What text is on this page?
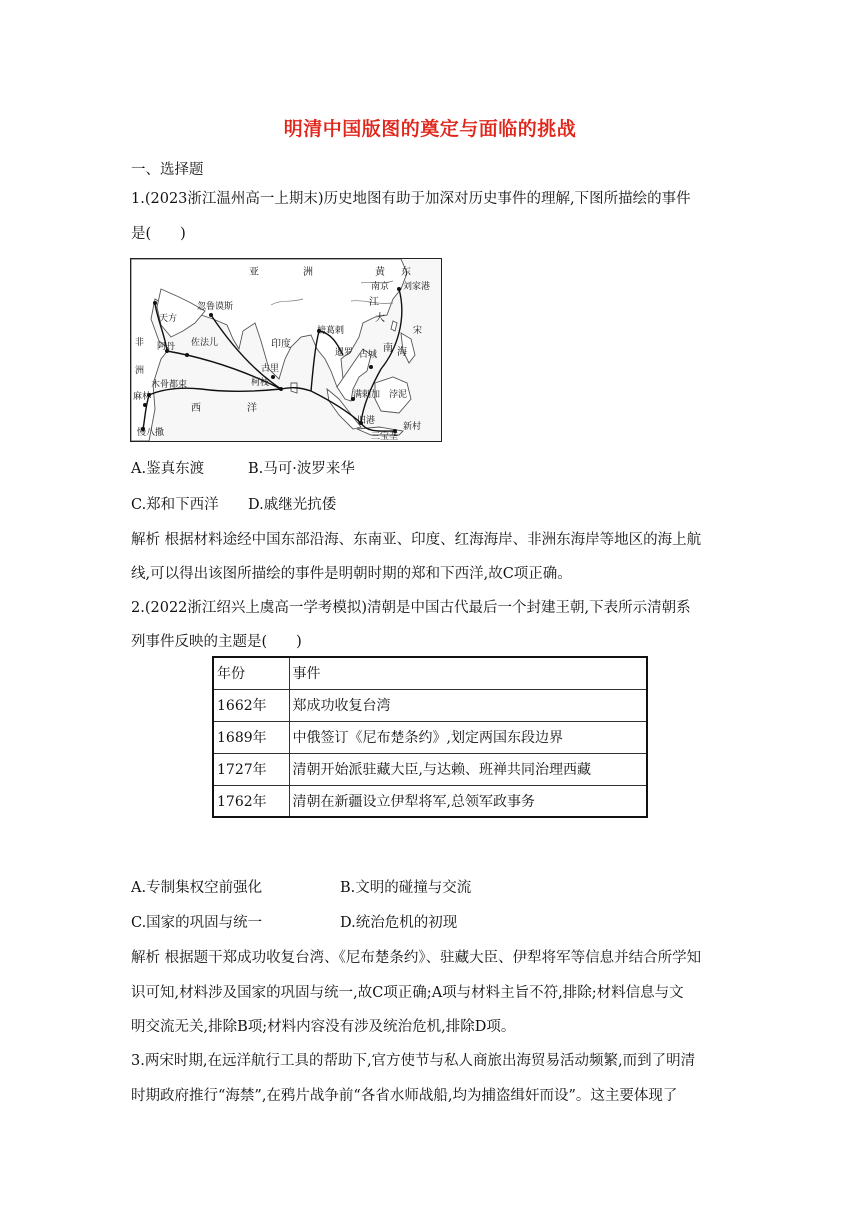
明清中国版图的奠定与面临的挑战
一、选择题
1.(2023浙江温州高一上期末)历史地图有助于加深对历史事件的理解,下图所描绘的事件
是(　　)
亚	洲	黄 东
刘家港
南京
江
大
忽鲁谟斯
天方
阿丹 佐法儿
非
洲
榜葛剌
印度
古里
柯枝
暹罗 占城
南 海
木骨都束
麻林
慢八撒
西	洋
满剌加
旧港
三宝垄
新村
浡泥
宋
A.鉴真东渡	B.马可·波罗来华
C.郑和下西洋 D.戚继光抗倭
解析 根据材料途经中国东部沿海、东南亚、印度、红海海岸、非洲东海岸等地区的海上航
线,可以得出该图所描绘的事件是明朝时期的郑和下西洋,故C项正确。
2.(2022浙江绍兴上虞高一学考模拟)清朝是中国古代最后一个封建王朝,下表所示清朝系
列事件反映的主题是(　　)
年份	事件
1662年	郑成功收复台湾
1689年	中俄签订《尼布楚条约》,划定两国东段边界
1727年	清朝开始派驻藏大臣,与达赖、班禅共同治理西藏
1762年	清朝在新疆设立伊犁将军,总领军政事务
A.专制集权空前强化	B.文明的碰撞与交流
C.国家的巩固与统一	D.统治危机的初现
解析 根据题干郑成功收复台湾、《尼布楚条约》、驻藏大臣、伊犁将军等信息并结合所学知
识可知,材料涉及国家的巩固与统一,故C项正确;A项与材料主旨不符,排除;材料信息与文
明交流无关,排除B项;材料内容没有涉及统治危机,排除D项。
3.两宋时期,在远洋航行工具的帮助下,官方使节与私人商旅出海贸易活动频繁,而到了明清
时期政府推行“海禁”,在鸦片战争前“各省水师战船,均为捕盗缉奸而设”。这主要体现了
